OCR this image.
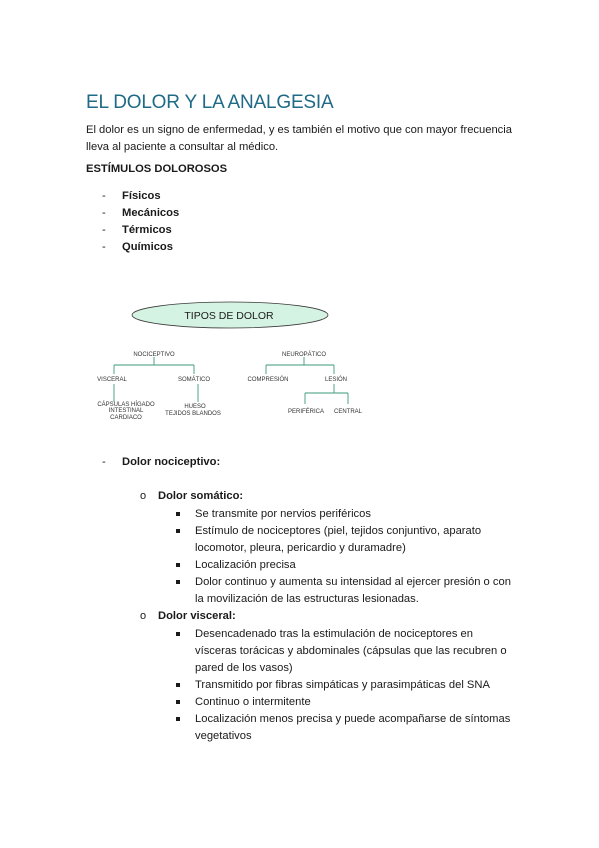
EL DOLOR Y LA ANALGESIA

El dolor es un signo de enfermedad, y es también el motivo que con mayor frecuencia lleva al paciente a consultar al médico.

ESTÍMULOS DOLOROSOS

- Físicos
- Mecánicos
- Térmicos
- Químicos
TIPOS DE DOLOR
NOCICEPTIVO
VISCERAL	SOMÁTICO
CÁPSULAS HÍGADO
INTESTINAL
CARDIACO
HUESO
TEJIDOS BLANDOS
NEUROPÁTICO
COMPRESIÓN	LESIÓN
PERIFÉRICA CENTRAL
- Dolor nociceptivo:
o Dolor somático:
Se transmite por nervios periféricos
Estímulo de nociceptores (piel, tejidos conjuntivo, aparato locomotor, pleura, pericardio y duramadre)
Localización precisa
Dolor continuo y aumenta su intensidad al ejercer presión o con la movilización de las estructuras lesionadas.
o Dolor visceral:
Desencadenado tras la estimulación de nociceptores en vísceras torácicas y abdominales (cápsulas que las recubren o pared de los vasos)
Transmitido por fibras simpáticas y parasimpáticas del SNA
Continuo o intermitente
Localización menos precisa y puede acompañarse de síntomas vegetativos
